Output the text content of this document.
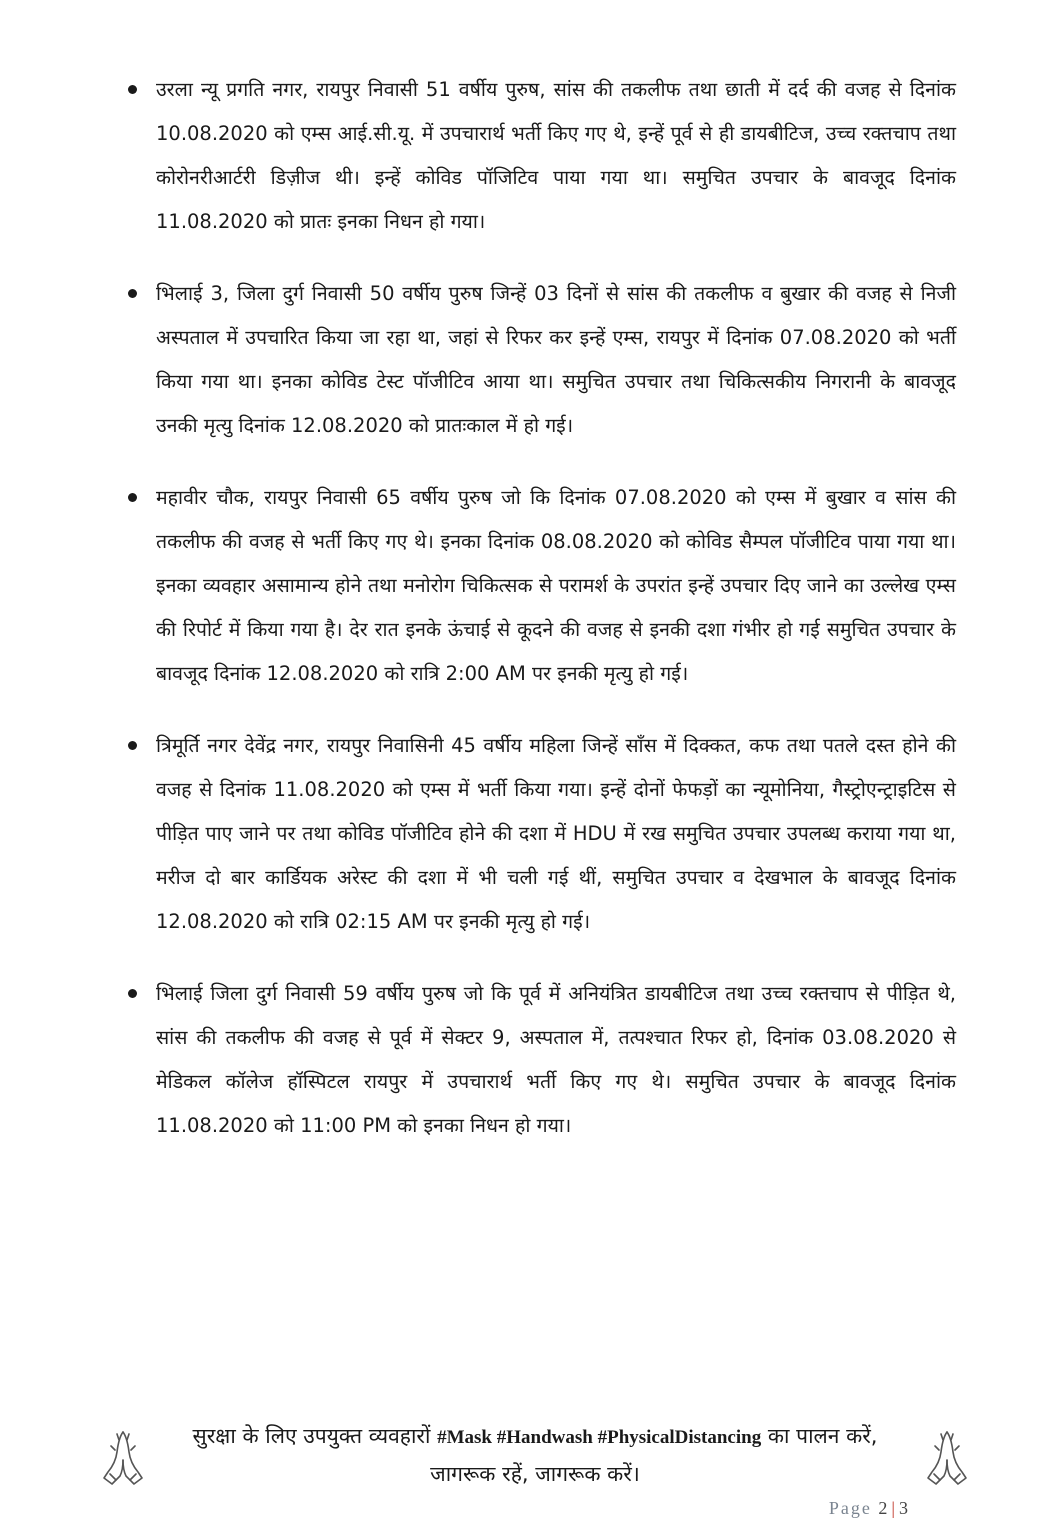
उरला न्यू प्रगति नगर, रायपुर निवासी 51 वर्षीय पुरुष, सांस की तकलीफ तथा छाती में दर्द की वजह से दिनांक 10.08.2020 को एम्स आई.सी.यू. में उपचारार्थ भर्ती किए गए थे, इन्हें पूर्व से ही डायबीटिज, उच्च रक्तचाप तथा कोरोनरीआर्टरी डिज़ीज थी। इन्हें कोविड पॉजिटिव पाया गया था। समुचित उपचार के बावजूद दिनांक 11.08.2020 को प्रातः इनका निधन हो गया।
भिलाई 3, जिला दुर्ग निवासी 50 वर्षीय पुरुष जिन्हें 03 दिनों से सांस की तकलीफ व बुखार की वजह से निजी अस्पताल में उपचारित किया जा रहा था, जहां से रिफर कर इन्हें एम्स, रायपुर में दिनांक 07.08.2020 को भर्ती किया गया था। इनका कोविड टेस्ट पॉजीटिव आया था। समुचित उपचार तथा चिकित्सकीय निगरानी के बावजूद उनकी मृत्यु दिनांक 12.08.2020 को प्रातःकाल में हो गई।
महावीर चौक, रायपुर निवासी 65 वर्षीय पुरुष जो कि दिनांक 07.08.2020 को एम्स में बुखार व सांस की तकलीफ की वजह से भर्ती किए गए थे। इनका दिनांक 08.08.2020 को कोविड सैम्पल पॉजीटिव पाया गया था। इनका व्यवहार असामान्य होने तथा मनोरोग चिकित्सक से परामर्श के उपरांत इन्हें उपचार दिए जाने का उल्लेख एम्स की रिपोर्ट में किया गया है। देर रात इनके ऊंचाई से कूदने की वजह से इनकी दशा गंभीर हो गई समुचित उपचार के बावजूद दिनांक 12.08.2020 को रात्रि 2:00 AM पर इनकी मृत्यु हो गई।
त्रिमूर्ति नगर देवेंद्र नगर, रायपुर निवासिनी 45 वर्षीय महिला जिन्हें साँस में दिक्कत, कफ तथा पतले दस्त होने की वजह से दिनांक 11.08.2020 को एम्स में भर्ती किया गया। इन्हें दोनों फेफड़ों का न्यूमोनिया, गैस्ट्रोएन्ट्राइटिस से पीड़ित पाए जाने पर तथा कोविड पॉजीटिव होने की दशा में HDU में रख समुचित उपचार उपलब्ध कराया गया था, मरीज दो बार कार्डियक अरेस्ट की दशा में भी चली गई थीं, समुचित उपचार व देखभाल के बावजूद दिनांक 12.08.2020 को रात्रि 02:15 AM पर इनकी मृत्यु हो गई।
भिलाई जिला दुर्ग निवासी 59 वर्षीय पुरुष जो कि पूर्व में अनियंत्रित डायबीटिज तथा उच्च रक्तचाप से पीड़ित थे, सांस की तकलीफ की वजह से पूर्व में सेक्टर 9, अस्पताल में, तत्पश्चात रिफर हो, दिनांक 03.08.2020 से मेडिकल कॉलेज हॉस्पिटल रायपुर में उपचारार्थ भर्ती किए गए थे। समुचित उपचार के बावजूद दिनांक 11.08.2020 को 11:00 PM को इनका निधन हो गया।
सुरक्षा के लिए उपयुक्त व्यवहारों #Mask #Handwash #PhysicalDistancing का पालन करें, जागरूक रहें, जागरूक करें।
Page 2 | 3
